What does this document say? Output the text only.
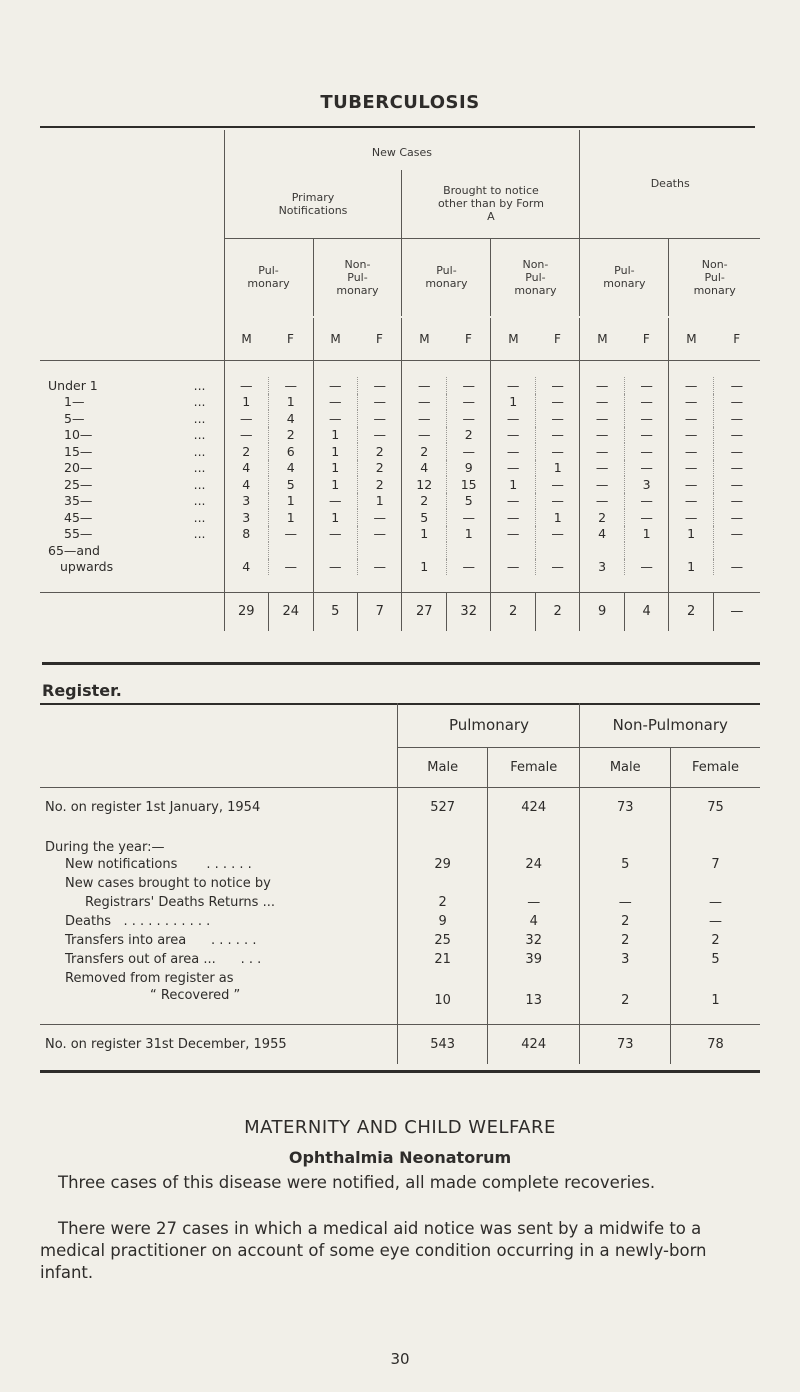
TUBERCULOSIS
	New Cases								Deaths			
	Primary Notifications				Brought to notice other than by Form A							
	Pul- monary		Non- Pul- monary		Pul- monary		Non- Pul- monary		Pul- monary		Non- Pul- monary	

	M	F	M	F	M	F	M	F	M	F	M	F

Under 1 ...	—	—	—	—	—	—	—	—	—	—	—	—
1— ...	1	1	—	—	—	—	1	—	—	—	—	—
5— ...	—	4	—	—	—	—	—	—	—	—	—	—
10— ...	—	2	1	—	—	2	—	—	—	—	—	—
15— ...	2	6	1	2	2	—	—	—	—	—	—	—
20— ...	4	4	1	2	4	9	—	1	—	—	—	—
25— ...	4	5	1	2	12	15	1	—	—	3	—	—
35— ...	3	1	—	1	2	5	—	—	—	—	—	—
45— ...	3	1	1	—	5	—	—	1	2	—	—	—
55— ...	8	—	—	—	1	1	—	—	4	1	1	—
65—and												
upwards	4	—	—	—	1	—	—	—	3	—	1	—

	29	24	5	7	27	32	2	2	9	4	2	—
Register.
	Pulmonary		Non-Pulmonary	
	Male	Female	Male	Female
No. on register 1st January, 1954	527	424	73	75
During the year:—				
New notifications . . . . . .	29	24	5	7
New cases brought to notice by				
Registrars' Deaths Returns ...	2	—	—	—
Deaths . . . . . . . . . . .	9	4	2	—
Transfers into area . . . . . .	25	32	2	2
Transfers out of area ... . . .	21	39	3	5
Removed from register as				
“ Recovered ”	10	13	2	1

No. on register 31st December, 1955	543	424	73	78
MATERNITY AND CHILD WELFARE
Ophthalmia Neonatorum
Three cases of this disease were notified, all made complete recoveries.
There were 27 cases in which a medical aid notice was sent by a midwife to a medical practitioner on account of some eye condition occurring in a newly-born infant.
30
